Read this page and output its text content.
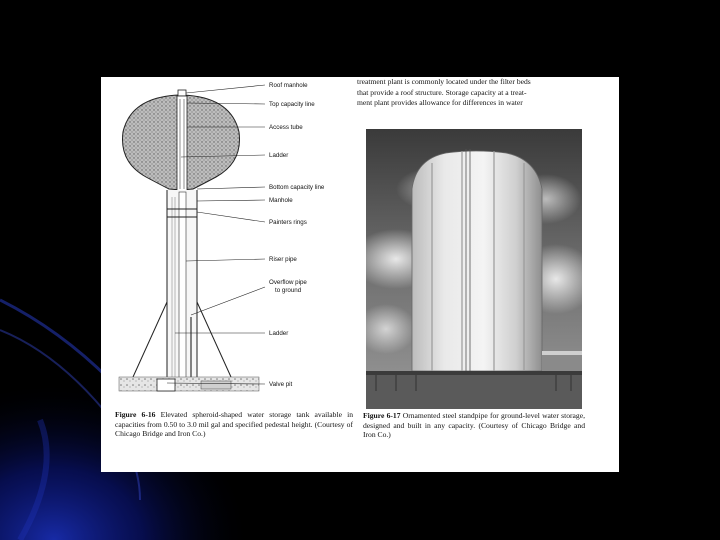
Roof manhole
Top capacity line
Access tube
Ladder
Bottom capacity line
Manhole
Painters rings
Riser pipe
Overflow pipe
to ground
Ladder
Valve pit
Figure 6-16 Elevated spheroid-shaped water storage tank available in capacities from 0.50 to 3.0 mil gal and specified pedestal height. (Courtesy of Chicago Bridge and Iron Co.)
treatment plant is commonly located under the filter beds
that provide a roof structure. Storage capacity at a treat-
ment plant provides allowance for differences in water
Figure 6-17 Ornamented steel standpipe for ground-level water storage, designed and built in any capacity. (Courtesy of Chicago Bridge and Iron Co.)
